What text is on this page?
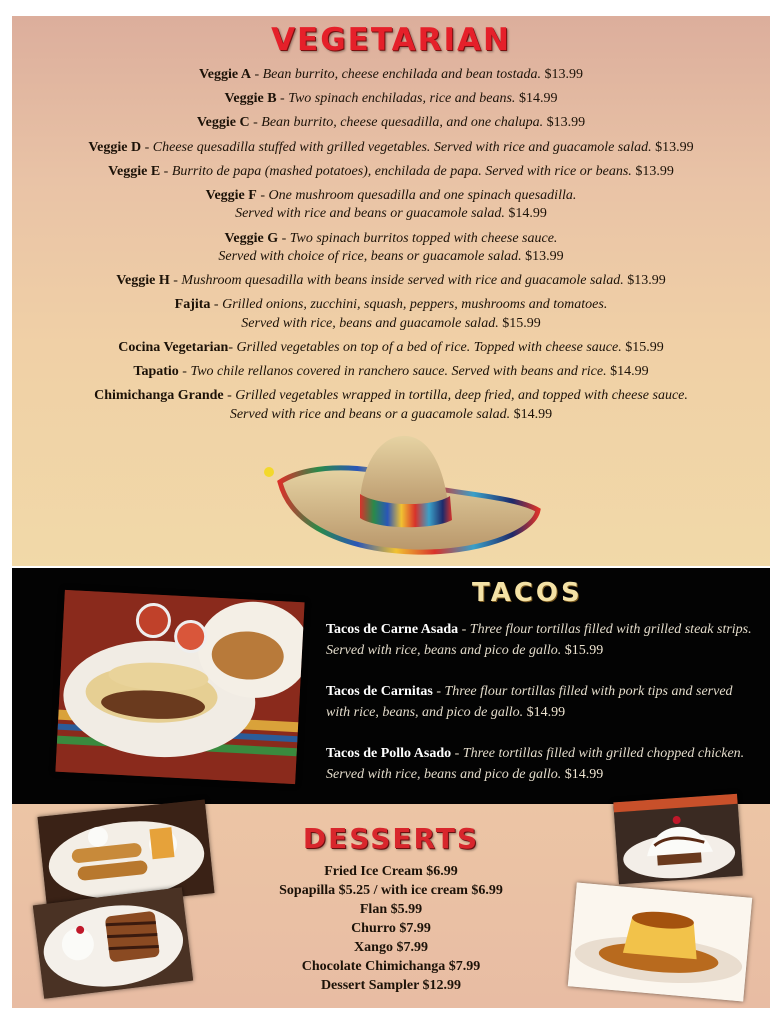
VEGETARIAN
Veggie A - Bean burrito, cheese enchilada and bean tostada. $13.99
Veggie B - Two spinach enchiladas, rice and beans. $14.99
Veggie C - Bean burrito, cheese quesadilla, and one chalupa. $13.99
Veggie D - Cheese quesadilla stuffed with grilled vegetables. Served with rice and guacamole salad. $13.99
Veggie E - Burrito de papa (mashed potatoes), enchilada de papa. Served with rice or beans. $13.99
Veggie F - One mushroom quesadilla and one spinach quesadilla.
Served with rice and beans or guacamole salad. $14.99
Veggie G - Two spinach burritos topped with cheese sauce.
Served with choice of rice, beans or guacamole salad. $13.99
Veggie H - Mushroom quesadilla with beans inside served with rice and guacamole salad. $13.99
Fajita - Grilled onions, zucchini, squash, peppers, mushrooms and tomatoes.
Served with rice, beans and guacamole salad. $15.99
Cocina Vegetarian- Grilled vegetables on top of a bed of rice. Topped with cheese sauce. $15.99
Tapatio - Two chile rellanos covered in ranchero sauce. Served with beans and rice. $14.99
Chimichanga Grande - Grilled vegetables wrapped in tortilla, deep fried, and topped with cheese sauce.
Served with rice and beans or a guacamole salad. $14.99
TACOS
Tacos de Carne Asada - Three flour tortillas filled with grilled steak strips. Served with rice, beans and pico de gallo. $15.99
Tacos de Carnitas - Three flour tortillas filled with pork tips and served with rice, beans, and pico de gallo. $14.99
Tacos de Pollo Asado - Three tortillas filled with grilled chopped chicken. Served with rice, beans and pico de gallo. $14.99
DESSERTS
Fried Ice Cream $6.99
Sopapilla $5.25 / with ice cream $6.99
Flan $5.99
Churro $7.99
Xango $7.99
Chocolate Chimichanga $7.99
Dessert Sampler $12.99
